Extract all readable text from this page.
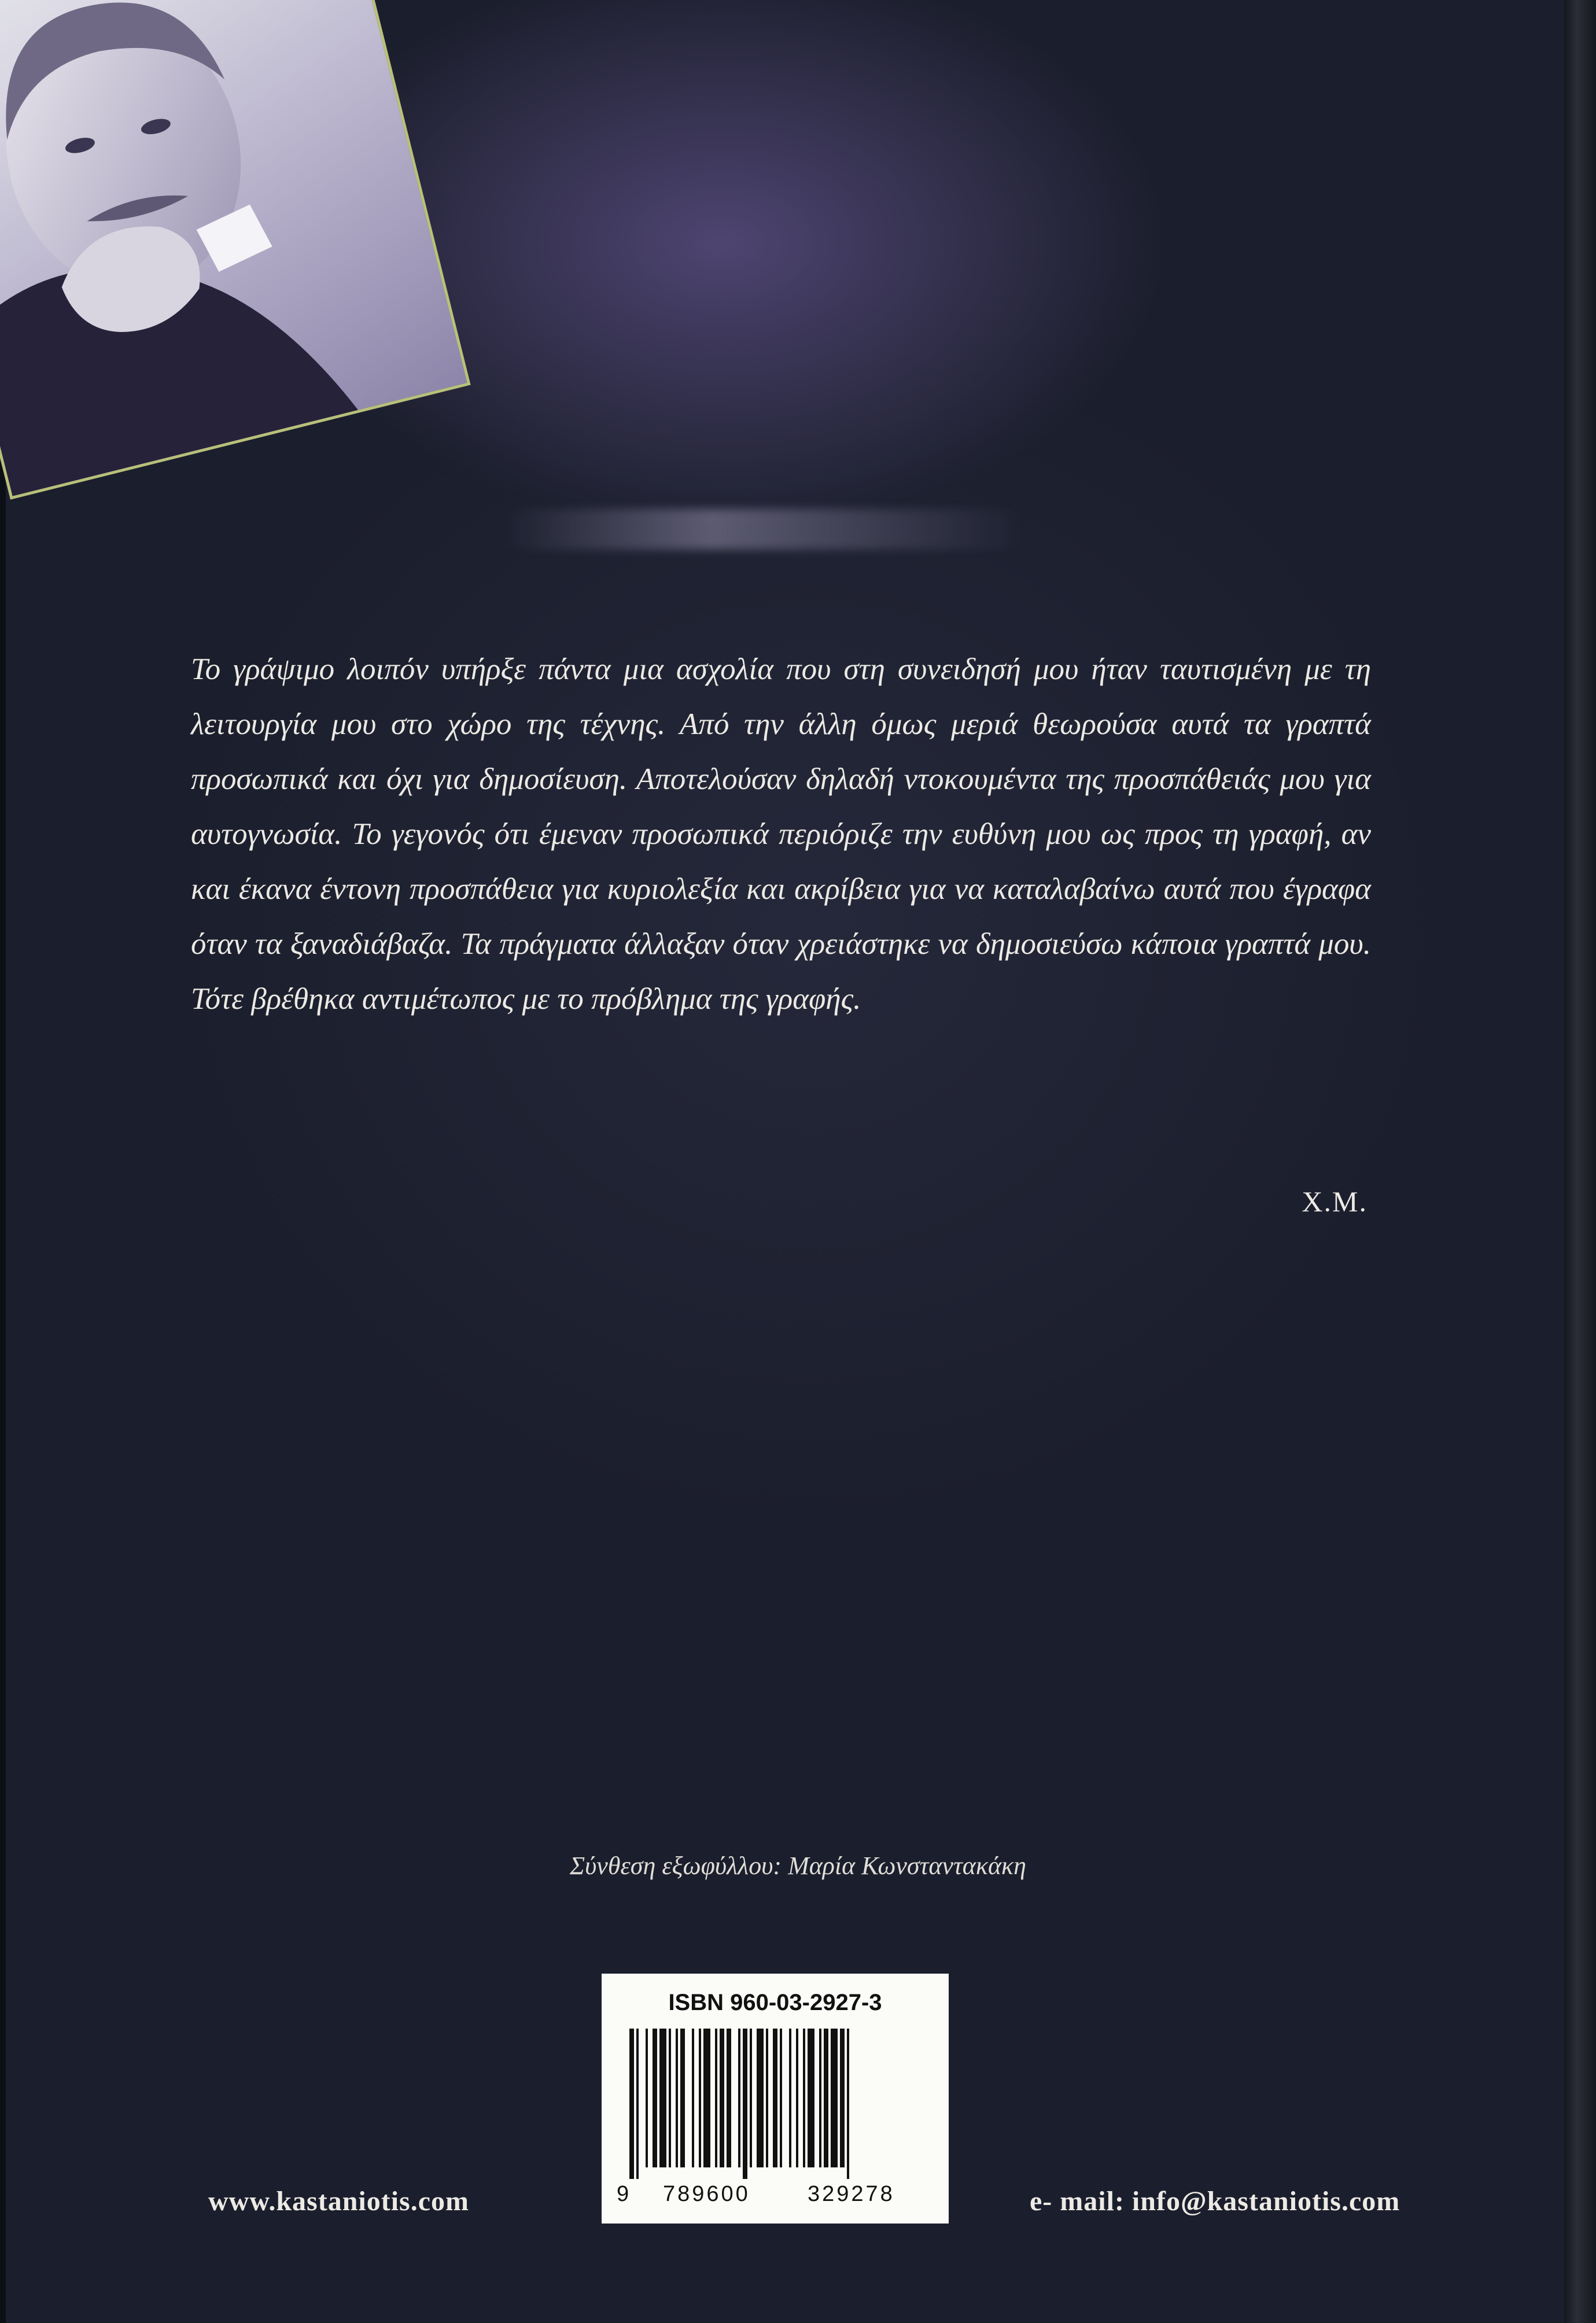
Το γράψιμο λοιπόν υπήρξε πάντα μια ασχολία που στη συνειδησή μου ήταν ταυτισμένη με τη λειτουργία μου στο χώρο της τέχνης. Από την άλλη όμως μεριά θεωρούσα αυτά τα γραπτά προσωπικά και όχι για δημοσίευση. Αποτελούσαν δηλαδή ντοκουμέντα της προσπάθειάς μου για αυτογνωσία. Το γεγονός ότι έμεναν προσωπικά περιόριζε την ευθύνη μου ως προς τη γραφή, αν και έκανα έντονη προσπάθεια για κυριολεξία και ακρίβεια για να καταλαβαίνω αυτά που έγραφα όταν τα ξαναδιάβαζα. Τα πράγματα άλλαξαν όταν χρειάστηκε να δημοσιεύσω κάποια γραπτά μου. Τότε βρέθηκα αντιμέτωπος με το πρόβλημα της γραφής.
Χ.Μ.
Σύνθεση εξωφύλλου: Μαρία Κωνσταντακάκη
ISBN 960-03-2927-3
9 789600	329278
www.kastaniotis.com	e- mail: info@kastaniotis.com
